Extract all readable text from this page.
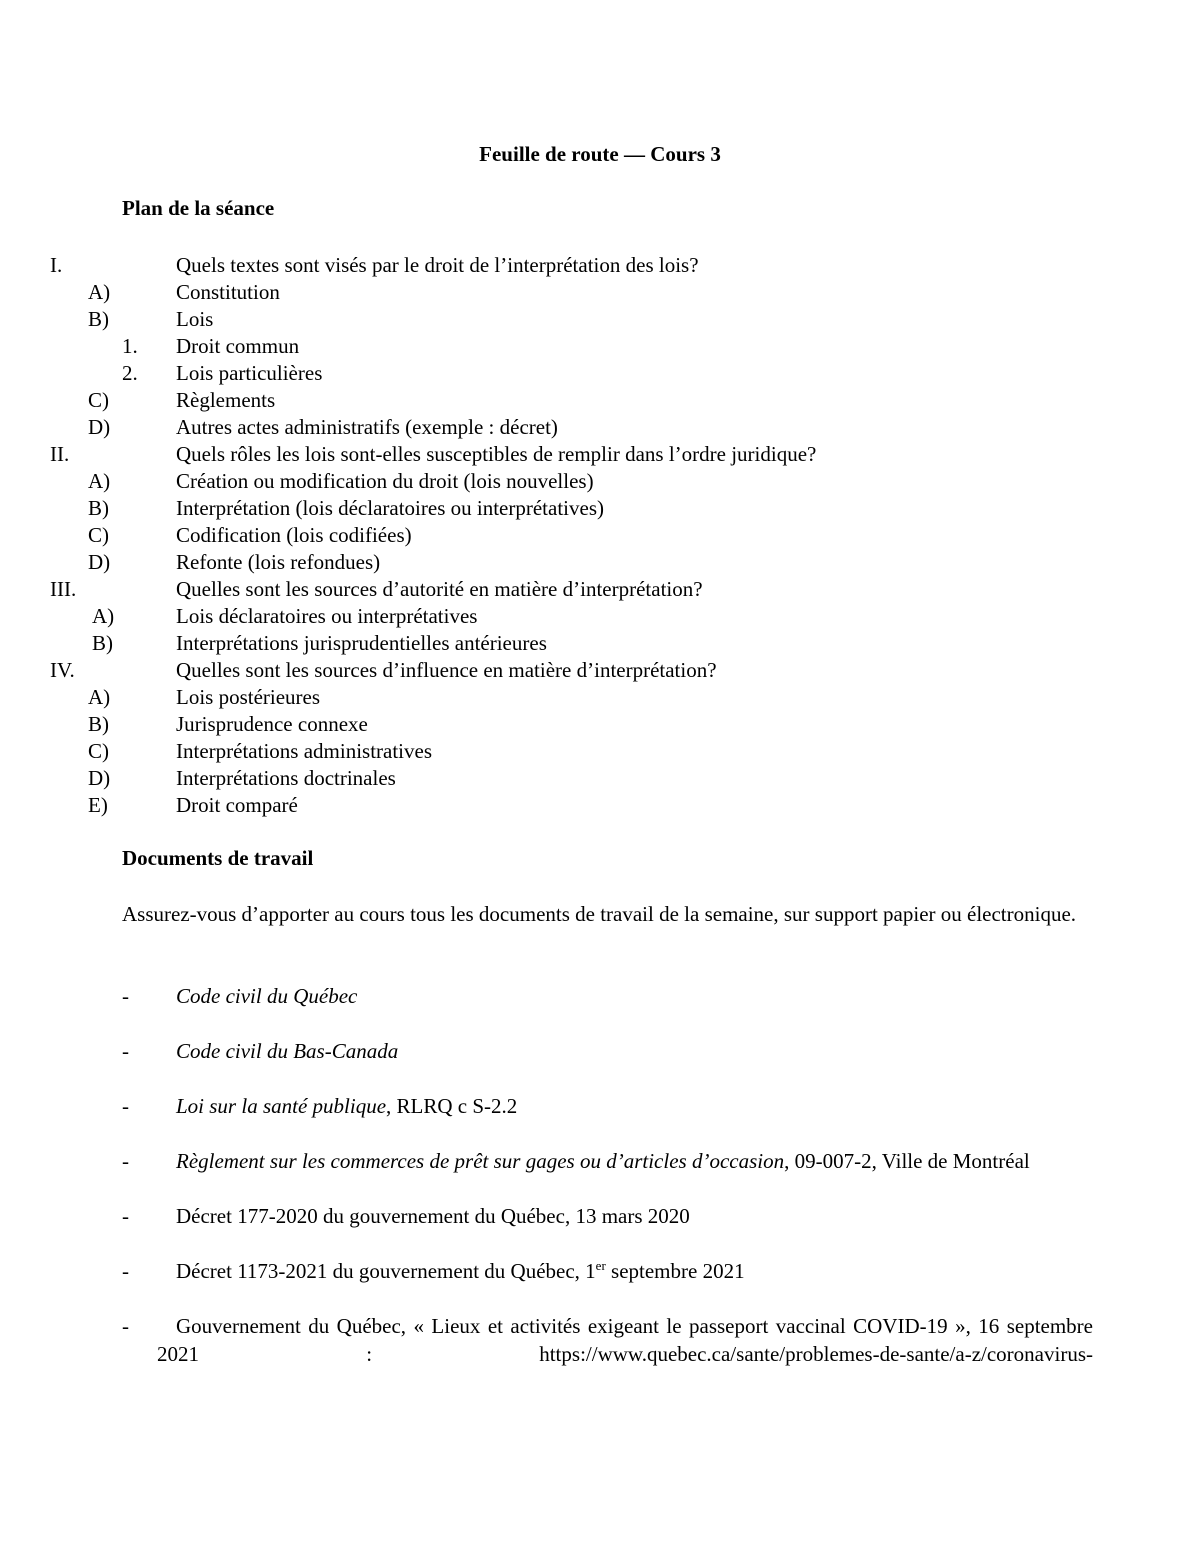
Feuille de route — Cours 3
Plan de la séance
I.	Quels textes sont visés par le droit de l’interprétation des lois?
A)	Constitution
B)	Lois
1. Droit commun
2. Lois particulières
C)	Règlements
D)	Autres actes administratifs (exemple : décret)
II.	Quels rôles les lois sont-elles susceptibles de remplir dans l’ordre juridique?
A)	Création ou modification du droit (lois nouvelles)
B)	Interprétation (lois déclaratoires ou interprétatives)
C)	Codification (lois codifiées)
D)	Refonte (lois refondues)
III.	Quelles sont les sources d’autorité en matière d’interprétation?
A)	Lois déclaratoires ou interprétatives
B)	Interprétations jurisprudentielles antérieures
IV.	Quelles sont les sources d’influence en matière d’interprétation?
A)	Lois postérieures
B)	Jurisprudence connexe
C)	Interprétations administratives
D)	Interprétations doctrinales
E)	Droit comparé
Documents de travail
Assurez-vous d’apporter au cours tous les documents de travail de la semaine, sur support papier ou électronique.
-	Code civil du Québec
-	Code civil du Bas-Canada
-	Loi sur la santé publique, RLRQ c S-2.2
-	Règlement sur les commerces de prêt sur gages ou d’articles d’occasion, 09-007-2, Ville de Montréal
-	Décret 177-2020 du gouvernement du Québec, 13 mars 2020
-	Décret 1173-2021 du gouvernement du Québec, 1er septembre 2021
-	Gouvernement du Québec, « Lieux et activités exigeant le passeport vaccinal COVID-19 », 16 septembre 2021 : https://www.quebec.ca/sante/problemes-de-sante/a-z/coronavirus-
